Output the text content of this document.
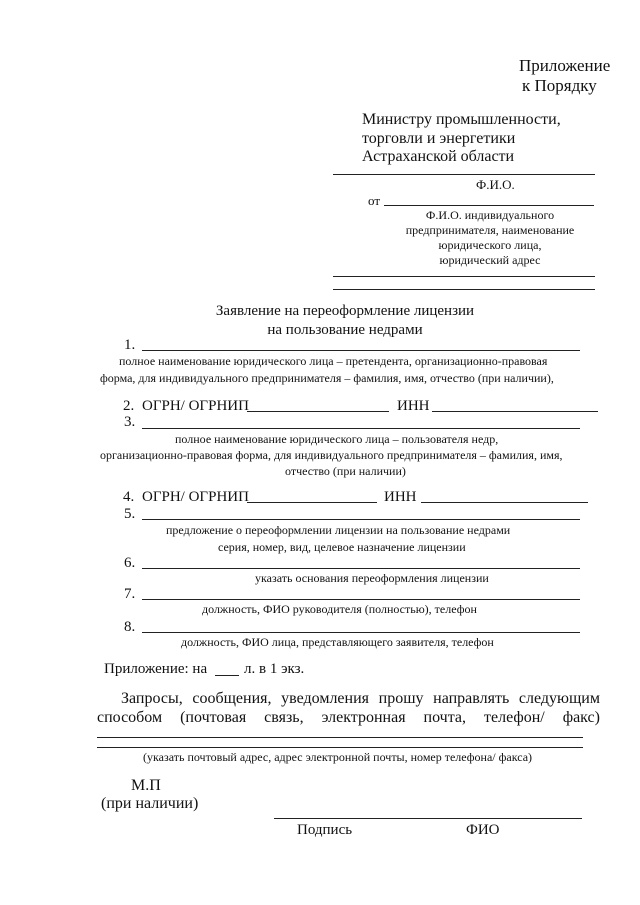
Приложение
к Порядку
Министру промышленности,
торговли и энергетики
Астраханской области
Ф.И.О.
от
Ф.И.О. индивидуального
предпринимателя, наименование
юридического лица,
юридический адрес
Заявление на переоформление лицензии
на пользование недрами
1.
полное наименование юридического лица – претендента, организационно-правовая
форма, для индивидуального предпринимателя – фамилия, имя, отчество (при наличии),
2. ОГРН/ ОГРНИП	ИНН
3.
полное наименование юридического лица – пользователя недр,
организационно-правовая форма, для индивидуального предпринимателя – фамилия, имя,
отчество (при наличии)
4. ОГРН/ ОГРНИП	ИНН
5.
предложение о переоформлении лицензии на пользование недрами
серия, номер, вид, целевое назначение лицензии
6.
указать основания переоформления лицензии
7.
должность, ФИО руководителя (полностью), телефон
8.
должность, ФИО лица, представляющего заявителя, телефон
Приложение: на л. в 1 экз.
Запросы, сообщения, уведомления прошу направлять следующим
способом (почтовая связь, электронная почта, телефон/ факс)
(указать почтовый адрес, адрес электронной почты, номер телефона/ факса)
М.П
(при наличии)
Подпись	ФИО
